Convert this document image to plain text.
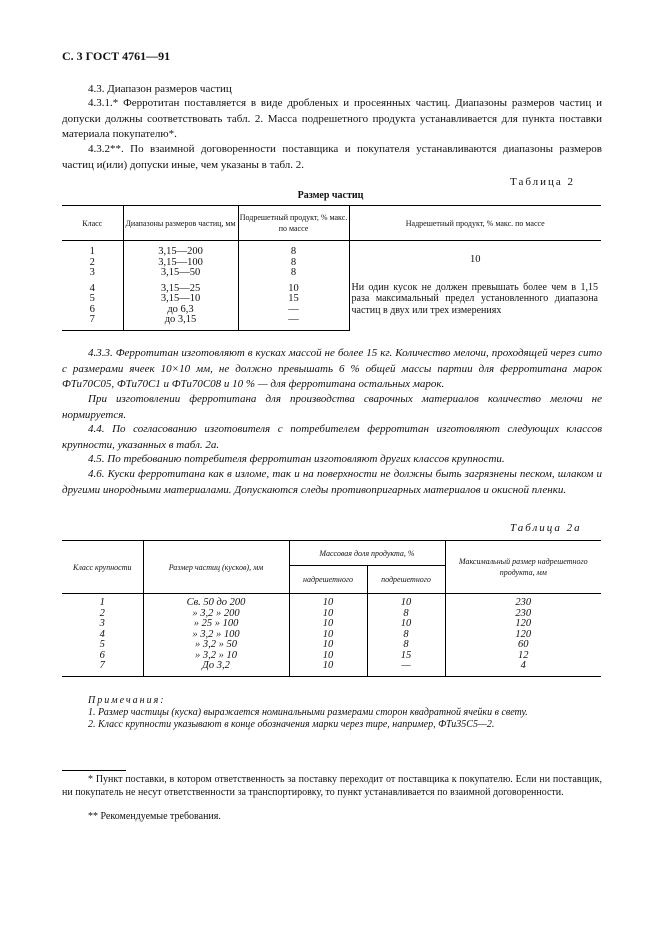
С. 3 ГОСТ 4761—91

4.3. Диапазон размеров частиц

4.3.1.* Ферротитан поставляется в виде дробленых и просеянных частиц. Диапазоны размеров частиц и допуски должны соответствовать табл. 2. Масса подрешетного продукта устанавливается для пункта поставки материала покупателю*.

4.3.2**. По взаимной договоренности поставщика и покупателя устанавливаются диапазоны размеров частиц и(или) допуски иные, чем указаны в табл. 2.

Таблица 2
Размер частиц
Класс	Диапазоны размеров частиц, мм	Подрешетный продукт, % макс. по массе	Надрешетный продукт, % макс. по массе
1	3,15—200	8	10
2	3,15—100	8	
3	3,15—50	8	
4	3,15—25	10	Ни один кусок не должен превышать более чем в 1,15 раза максимальный предел установленного диапазона частиц в двух или трех измерениях
5	3,15—10	15	
6	до 6,3	—	
7	до 3,15	—	

4.3.3. Ферротитан изготовляют в кусках массой не более 15 кг. Количество мелочи, проходящей через сито с размерами ячеек 10×10 мм, не должно превышать 6 % общей массы партии для ферротитана марок ФТи70С05, ФТи70С1 и ФТи70С08 и 10 % — для ферротитана остальных марок.

При изготовлении ферротитана для производства сварочных материалов количество мелочи не нормируется.

4.4. По согласованию изготовителя с потребителем ферротитан изготовляют следующих классов крупности, указанных в табл. 2а.

4.5. По требованию потребителя ферротитан изготовляют других классов крупности.

4.6. Куски ферротитана как в изломе, так и на поверхности не должны быть загрязнены песком, шлаком и другими инородными материалами. Допускаются следы противопригарных материалов и окисной пленки.

Таблица 2а
Класс крупности	Размер частиц (кусков), мм	Массовая доля продукта, %		Максимальный размер надрешетного продукта, мм
		надрешетного	подрешетного	
1	Св. 50 до 200	10	10	230
2	» 3,2 » 200	10	8	230
3	» 25 » 100	10	10	120
4	» 3,2 » 100	10	8	120
5	» 3,2 » 50	10	8	60
6	» 3,2 » 10	10	15	12
7	До 3,2	10	—	4
Примечания:
1. Размер частицы (куска) выражается номинальными размерами сторон квадратной ячейки в свету.
2. Класс крупности указывают в конце обозначения марки через тире, например, ФТи35С5—2.

* Пункт поставки, в котором ответственность за поставку переходит от поставщика к покупателю. Если ни поставщик, ни покупатель не несут ответственности за транспортировку, то пункт устанавливается по взаимной договоренности.

** Рекомендуемые требования.
